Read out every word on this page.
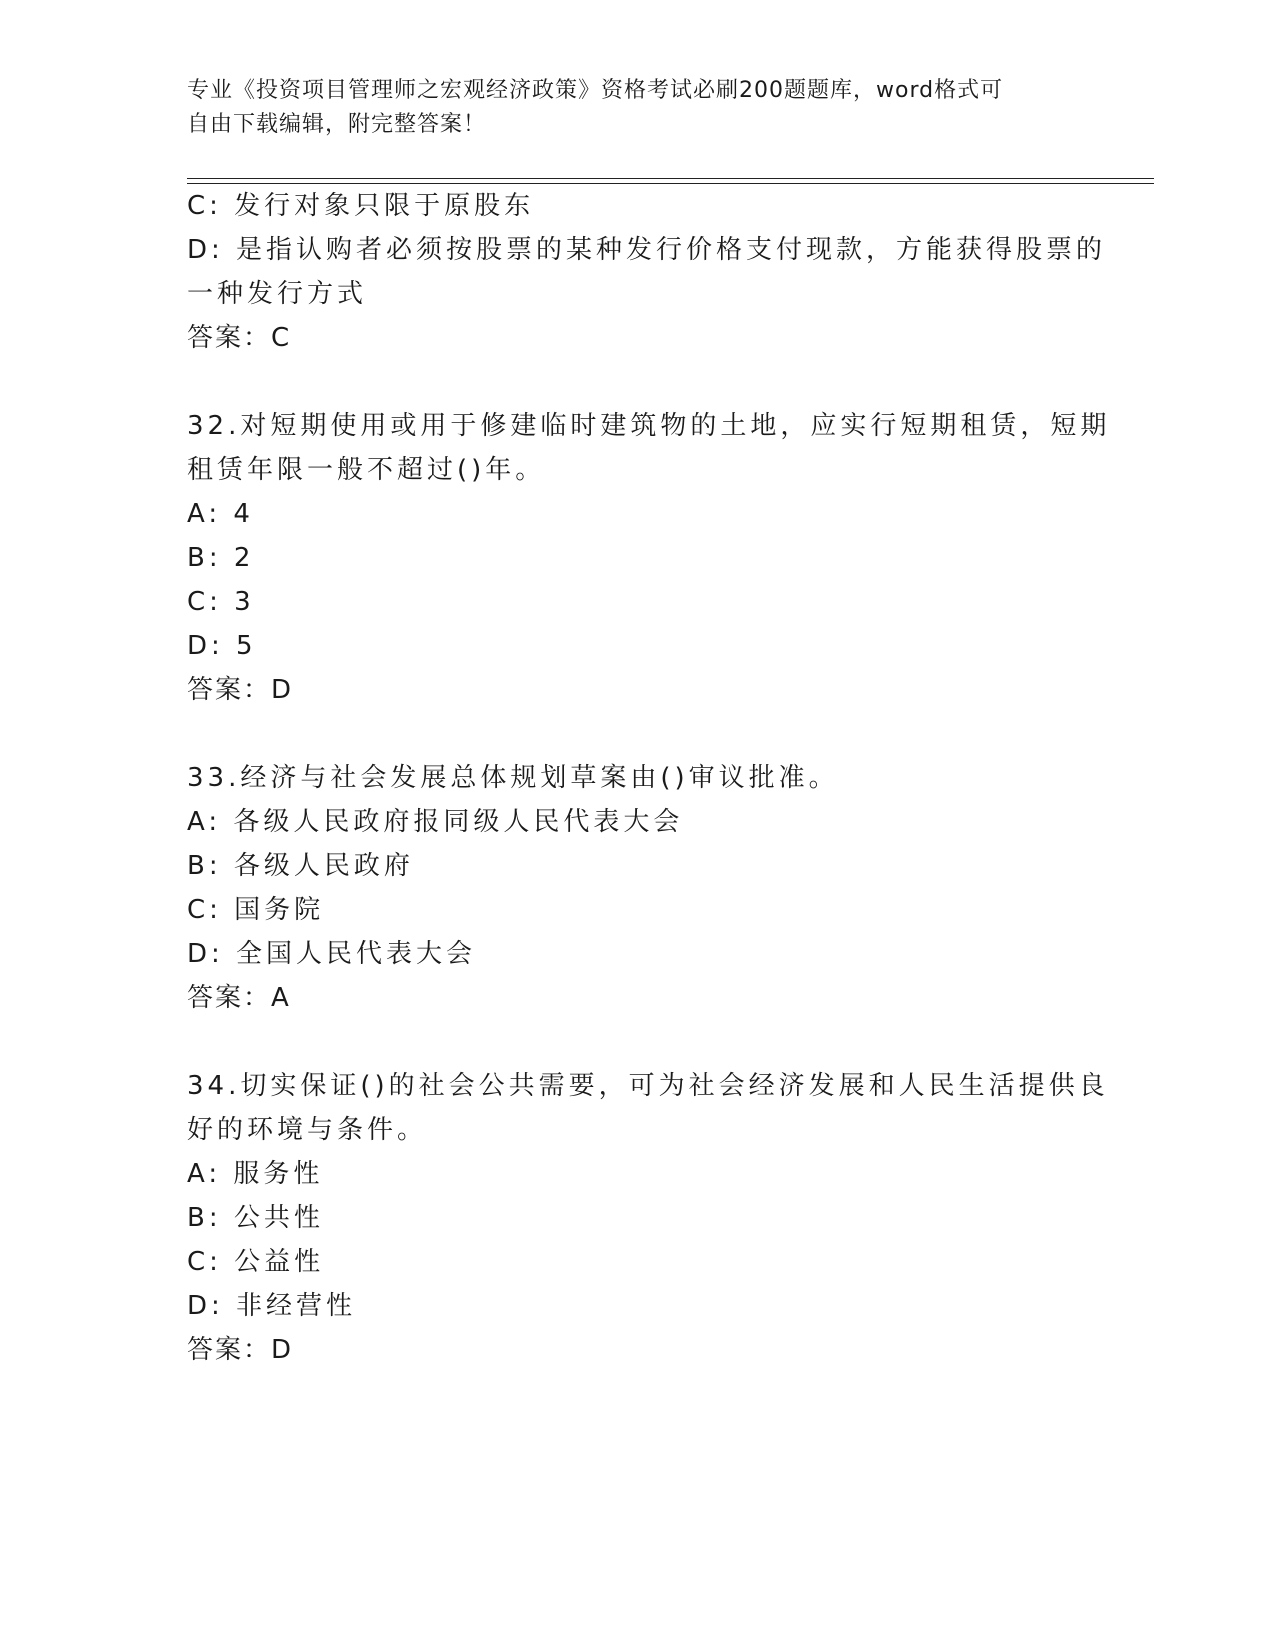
专业《投资项目管理师之宏观经济政策》资格考试必刷200题题库，word格式可
自由下载编辑，附完整答案！
C: 发行对象只限于原股东
D: 是指认购者必须按股票的某种发行价格支付现款，方能获得股票的
一种发行方式
答案：C
32.对短期使用或用于修建临时建筑物的土地，应实行短期租赁，短期
租赁年限一般不超过()年。
A: 4
B: 2
C: 3
D: 5
答案：D
33.经济与社会发展总体规划草案由()审议批准。
A: 各级人民政府报同级人民代表大会
B: 各级人民政府
C: 国务院
D: 全国人民代表大会
答案：A
34.切实保证()的社会公共需要，可为社会经济发展和人民生活提供良
好的环境与条件。
A: 服务性
B: 公共性
C: 公益性
D: 非经营性
答案：D
